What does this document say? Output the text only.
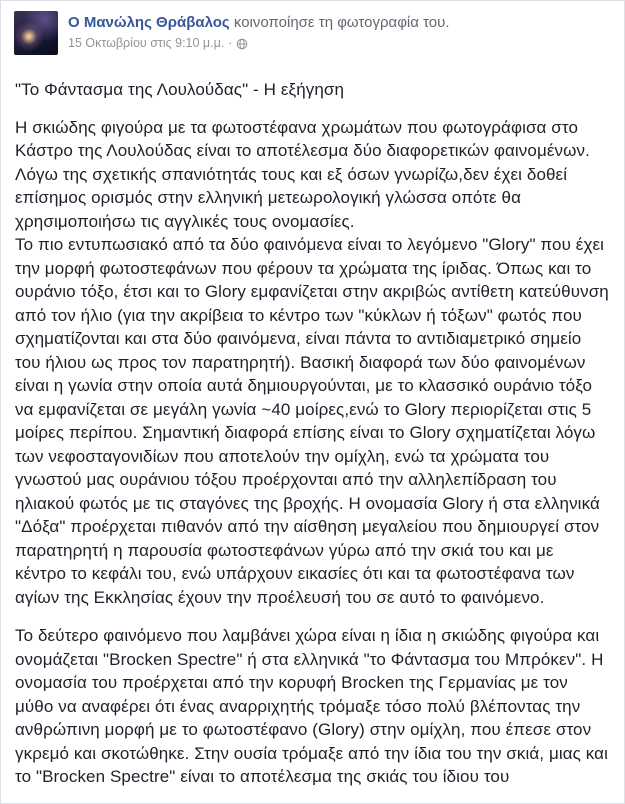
Ο Μανώλης Θράβαλος κοινοποίησε τη φωτογραφία του.
15 Οκτωβρίου στις 9:10 μ.μ. ·
"Το Φάντασμα της Λουλούδας" - Η εξήγηση
Η σκιώδης φιγούρα με τα φωτοστέφανα χρωμάτων που φωτογράφισα στο Κάστρο της Λουλούδας είναι το αποτέλεσμα δύο διαφορετικών φαινομένων. Λόγω της σχετικής σπανιότητάς τους και εξ όσων γνωρίζω,δεν έχει δοθεί επίσημος ορισμός στην ελληνική μετεωρολογική γλώσσα οπότε θα χρησιμοποιήσω τις αγγλικές τους ονομασίες.
Το πιο εντυπωσιακό από τα δύο φαινόμενα είναι το λεγόμενο "Glory" που έχει την μορφή φωτοστεφάνων που φέρουν τα χρώματα της ίριδας. Όπως και το ουράνιο τόξο, έτσι και το Glory εμφανίζεται στην ακριβώς αντίθετη κατεύθυνση από τον ήλιο (για την ακρίβεια το κέντρο των "κύκλων ή τόξων" φωτός που σχηματίζονται και στα δύο φαινόμενα, είναι πάντα το αντιδιαμετρικό σημείο του ήλιου ως προς τον παρατηρητή). Βασική διαφορά των δύο φαινομένων είναι η γωνία στην οποία αυτά δημιουργούνται, με το κλασσικό ουράνιο τόξο να εμφανίζεται σε μεγάλη γωνία ~40 μοίρες,ενώ το Glory περιορίζεται στις 5 μοίρες περίπου. Σημαντική διαφορά επίσης είναι το Glory σχηματίζεται λόγω των νεφοσταγονιδίων που αποτελούν την ομίχλη, ενώ τα χρώματα του γνωστού μας ουράνιου τόξου προέρχονται από την αλληλεπίδραση του ηλιακού φωτός με τις σταγόνες της βροχής. Η ονομασία Glory ή στα ελληνικά "Δόξα" προέρχεται πιθανόν από την αίσθηση μεγαλείου που δημιουργεί στον παρατηρητή η παρουσία φωτοστεφάνων γύρω από την σκιά του και με κέντρο το κεφάλι του, ενώ υπάρχουν εικασίες ότι και τα φωτοστέφανα των αγίων της Εκκλησίας έχουν την προέλευσή του σε αυτό το φαινόμενο.
Το δεύτερο φαινόμενο που λαμβάνει χώρα είναι η ίδια η σκιώδης φιγούρα και ονομάζεται "Brocken Spectre" ή στα ελληνικά "το Φάντασμα του Μπρόκεν". Η ονομασία του προέρχεται από την κορυφή Brocken της Γερμανίας με τον μύθο να αναφέρει ότι ένας αναρριχητής τρόμαξε τόσο πολύ βλέποντας την ανθρώπινη μορφή με το φωτοστέφανο (Glory) στην ομίχλη, που έπεσε στον γκρεμό και σκοτώθηκε. Στην ουσία τρόμαξε από την ίδια του την σκιά, μιας και το "Brocken Spectre" είναι το αποτέλεσμα της σκιάς του ίδιου του
